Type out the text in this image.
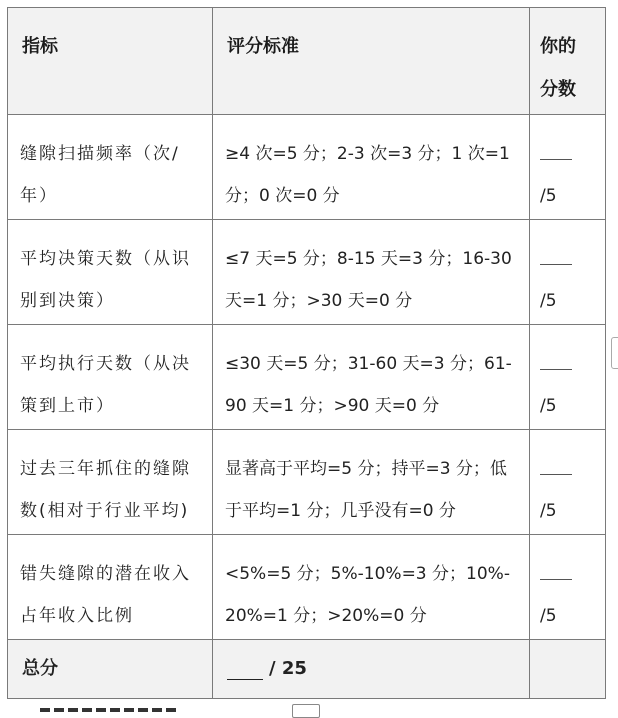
指标	评分标准	你的
分数

缝隙扫描频率（次/年）	≥4 次=5 分；2-3 次=3 分；1 次=1 分；0 次=0 分	/5

平均决策天数（从识别到决策）	≤7 天=5 分；8-15 天=3 分；16-30 天=1 分；>30 天=0 分	/5

平均执行天数（从决策到上市）	≤30 天=5 分；31-60 天=3 分；61-90 天=1 分；>90 天=0 分	/5

过去三年抓住的缝隙数(相对于行业平均)	显著高于平均=5 分；持平=3 分；低于平均=1 分；几乎没有=0 分	/5

错失缝隙的潜在收入占年收入比例	<5%=5 分；5%-10%=3 分；10%-20%=1 分；>20%=0 分	/5

总分	/ 25	
